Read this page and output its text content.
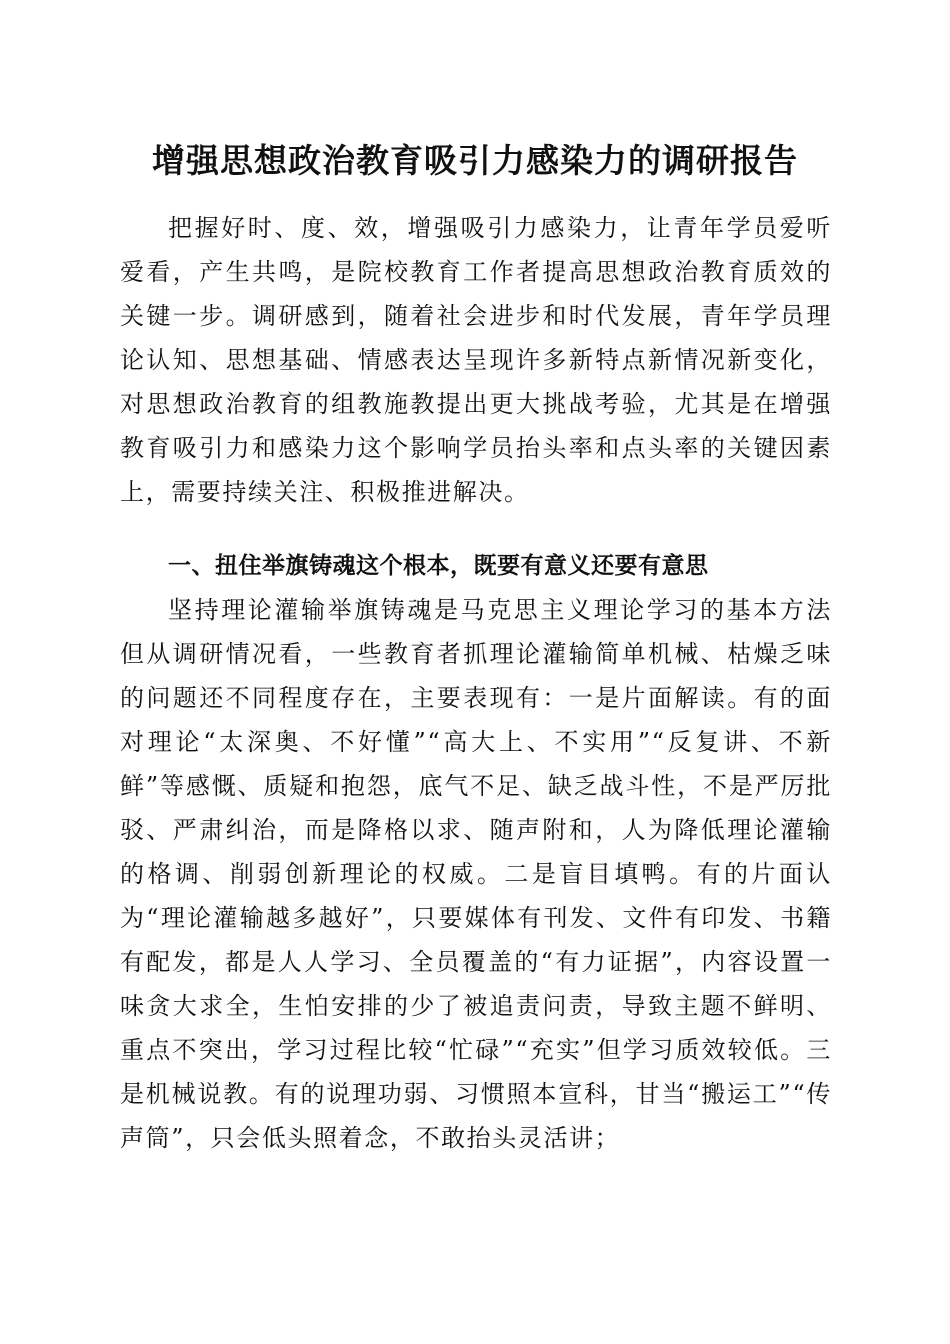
增强思想政治教育吸引力感染力的调研报告

把握好时、度、效，增强吸引力感染力，让青年学员爱听爱看，产生共鸣，是院校教育工作者提高思想政治教育质效的关键一步。调研感到，随着社会进步和时代发展，青年学员理论认知、思想基础、情感表达呈现许多新特点新情况新变化，对思想政治教育的组教施教提出更大挑战考验，尤其是在增强教育吸引力和感染力这个影响学员抬头率和点头率的关键因素上，需要持续关注、积极推进解决。

一、扭住举旗铸魂这个根本，既要有意义还要有意思

坚持理论灌输举旗铸魂是马克思主义理论学习的基本方法但从调研情况看，一些教育者抓理论灌输简单机械、枯燥乏味的问题还不同程度存在，主要表现有：一是片面解读。有的面对理论“太深奥、不好懂”“高大上、不实用”“反复讲、不新鲜”等感慨、质疑和抱怨，底气不足、缺乏战斗性，不是严厉批驳、严肃纠治，而是降格以求、随声附和，人为降低理论灌输的格调、削弱创新理论的权威。二是盲目填鸭。有的片面认为“理论灌输越多越好”，只要媒体有刊发、文件有印发、书籍有配发，都是人人学习、全员覆盖的“有力证据”，内容设置一味贪大求全，生怕安排的少了被追责问责，导致主题不鲜明、重点不突出，学习过程比较“忙碌”“充实”但学习质效较低。三是机械说教。有的说理功弱、习惯照本宣科，甘当“搬运工”“传声筒”，只会低头照着念，不敢抬头灵活讲；
